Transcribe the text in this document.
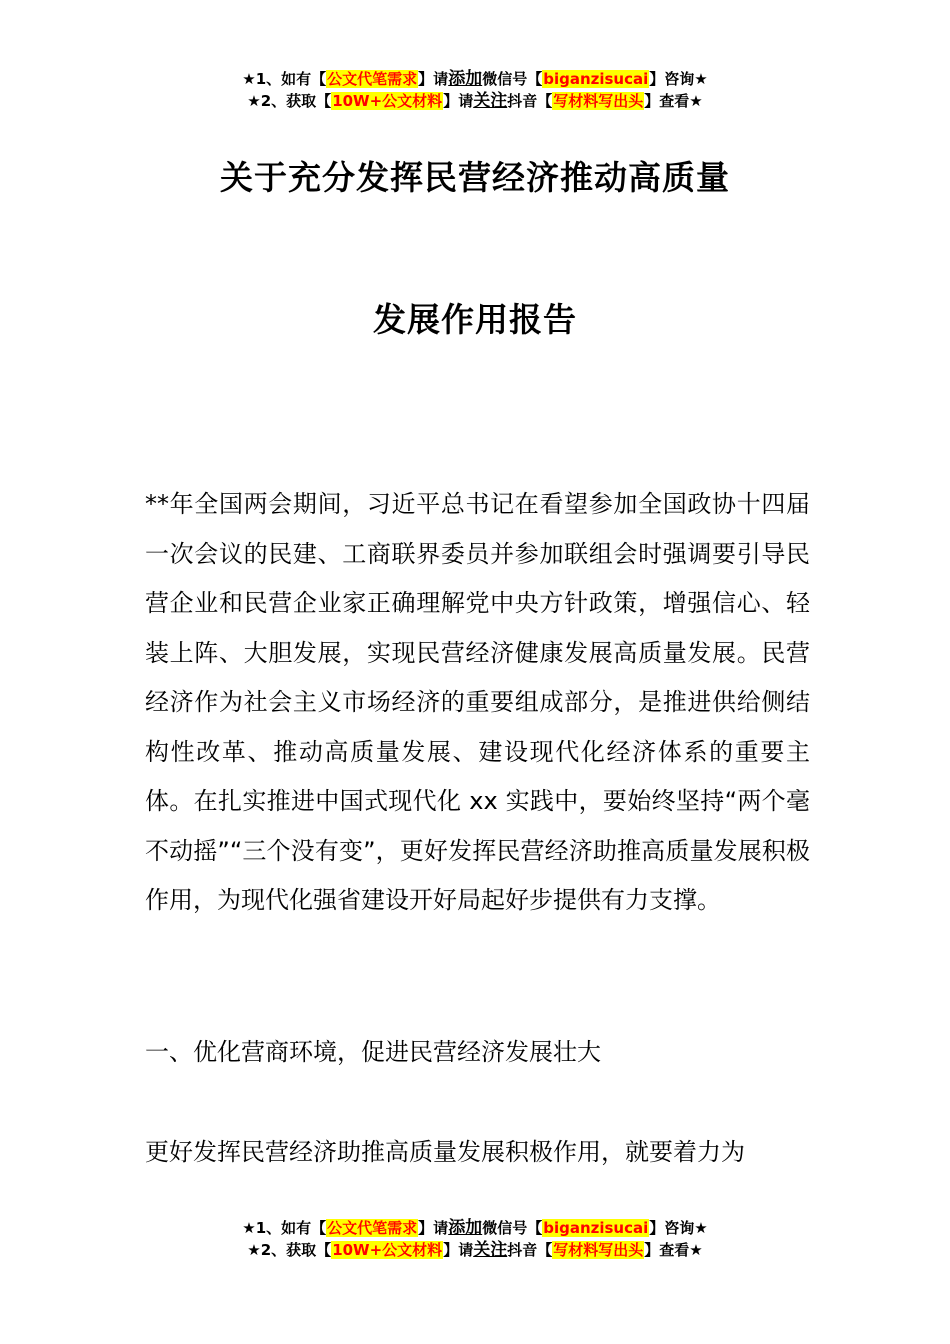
★1、如有【公文代笔需求】请添加微信号【biganzisucai】咨询★
★2、获取【10W+公文材料】请关注抖音【写材料写出头】查看★
关于充分发挥民营经济推动高质量
发展作用报告

**年全国两会期间，习近平总书记在看望参加全国政协十四届一次会议的民建、工商联界委员并参加联组会时强调要引导民营企业和民营企业家正确理解党中央方针政策，增强信心、轻装上阵、大胆发展，实现民营经济健康发展高质量发展。民营经济作为社会主义市场经济的重要组成部分，是推进供给侧结构性改革、推动高质量发展、建设现代化经济体系的重要主体。在扎实推进中国式现代化 xx 实践中，要始终坚持“两个毫不动摇”“三个没有变”，更好发挥民营经济助推高质量发展积极作用，为现代化强省建设开好局起好步提供有力支撑。

一、优化营商环境，促进民营经济发展壮大

更好发挥民营经济助推高质量发展积极作用，就要着力为

★1、如有【公文代笔需求】请添加微信号【biganzisucai】咨询★
★2、获取【10W+公文材料】请关注抖音【写材料写出头】查看★
